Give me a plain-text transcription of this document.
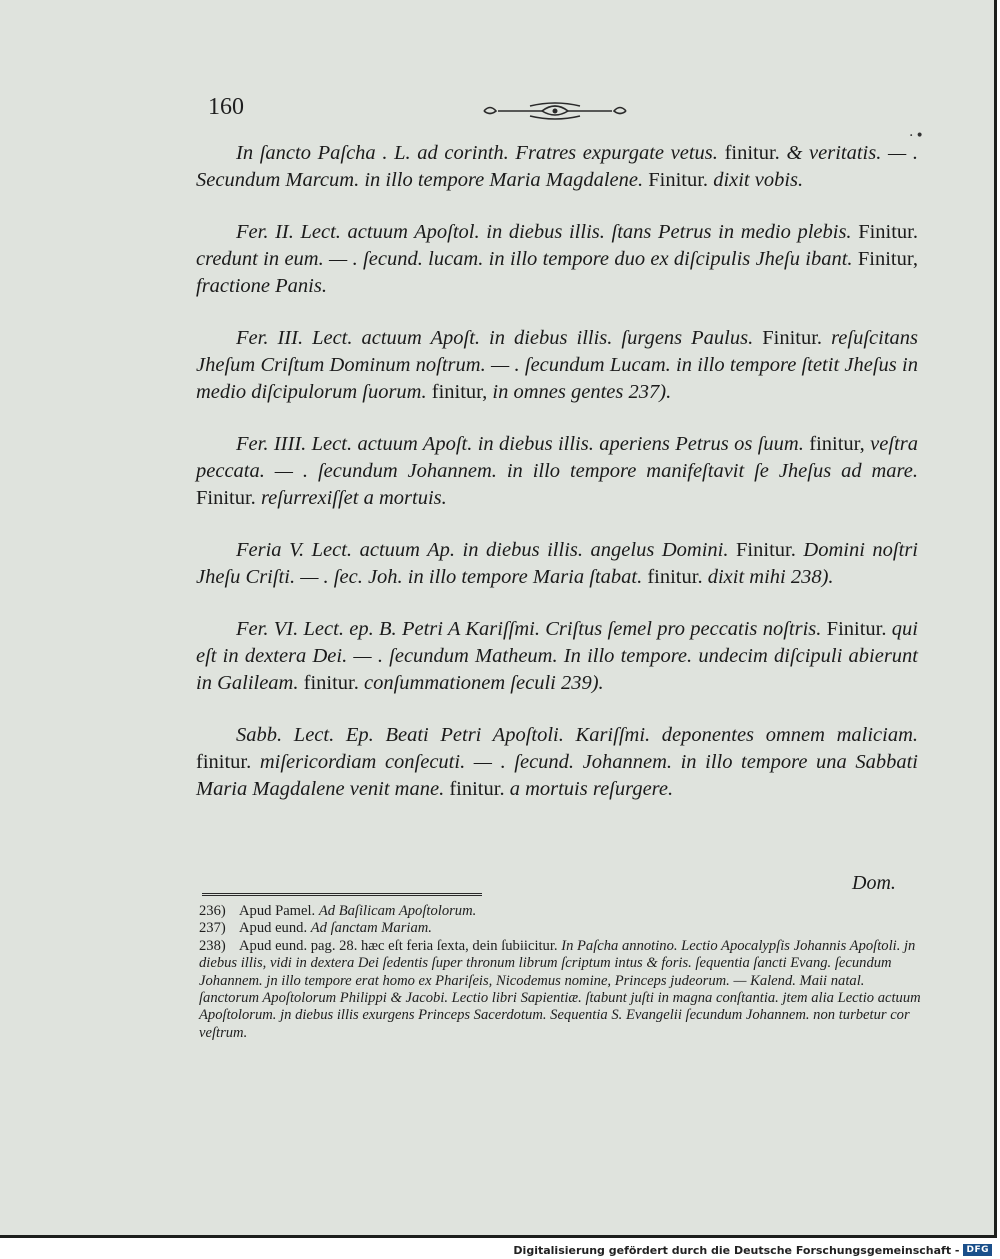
160
·•

In ſancto Paſcha . L. ad corinth. Fratres expurgate vetus. finitur. & veritatis. — . Secundum Marcum. in illo tempore Maria Magdalene. Finitur. dixit vobis.

Fer. II. Lect. actuum Apoſtol. in diebus illis. ſtans Petrus in medio plebis. Finitur. credunt in eum. — . ſecund. lucam. in illo tempore duo ex diſcipulis Jheſu ibant. Finitur, fractione Panis.

Fer. III. Lect. actuum Apoſt. in diebus illis. ſurgens Paulus. Finitur. reſuſcitans Jheſum Criſtum Dominum noſtrum. — . ſecundum Lucam. in illo tempore ſtetit Jheſus in medio diſcipulorum ſuorum. finitur, in omnes gentes 237).

Fer. IIII. Lect. actuum Apoſt. in diebus illis. aperiens Petrus os ſuum. finitur, veſtra peccata. — . ſecundum Johannem. in illo tempore manifeſtavit ſe Jheſus ad mare. Finitur. reſurrexiſſet a mortuis.

Feria V. Lect. actuum Ap. in diebus illis. angelus Domini. Finitur. Domini noſtri Jheſu Criſti. — . ſec. Joh. in illo tempore Maria ſtabat. finitur. dixit mihi 238).

Fer. VI. Lect. ep. B. Petri A Kariſſmi. Criſtus ſemel pro peccatis noſtris. Finitur. qui eſt in dextera Dei. — . ſecundum Matheum. In illo tempore. undecim diſcipuli abierunt in Galileam. finitur. conſummationem ſeculi 239).

Sabb. Lect. Ep. Beati Petri Apoſtoli. Kariſſmi. deponentes omnem maliciam. finitur. miſericordiam conſecuti. — . ſecund. Johannem. in illo tempore una Sabbati Maria Magdalene venit mane. finitur. a mortuis reſurgere.

Dom.

236) Apud Pamel. Ad Baſilicam Apoſtolorum.

237) Apud eund. Ad ſanctam Mariam.

238) Apud eund. pag. 28. hæc eſt feria ſexta, dein ſubiicitur. In Paſcha annotino. Lectio Apocalypſis Johannis Apoſtoli. jn diebus illis, vidi in dextera Dei ſedentis ſuper thronum librum ſcriptum intus & foris. ſequentia ſancti Evang. ſecundum Johannem. jn illo tempore erat homo ex Phariſeis, Nicodemus nomine, Princeps judeorum. — Kalend. Maii natal. ſanctorum Apoſtolorum Philippi & Jacobi. Lectio libri Sapientiæ. ſtabunt juſti in magna conſtantia. jtem alia Lectio actuum Apoſtolorum. jn diebus illis exurgens Princeps Sacerdotum. Sequentia S. Evangelii ſecundum Johannem. non turbetur cor veſtrum.

Digitalisierung gefördert durch die Deutsche Forschungsgemeinschaft - DFG
